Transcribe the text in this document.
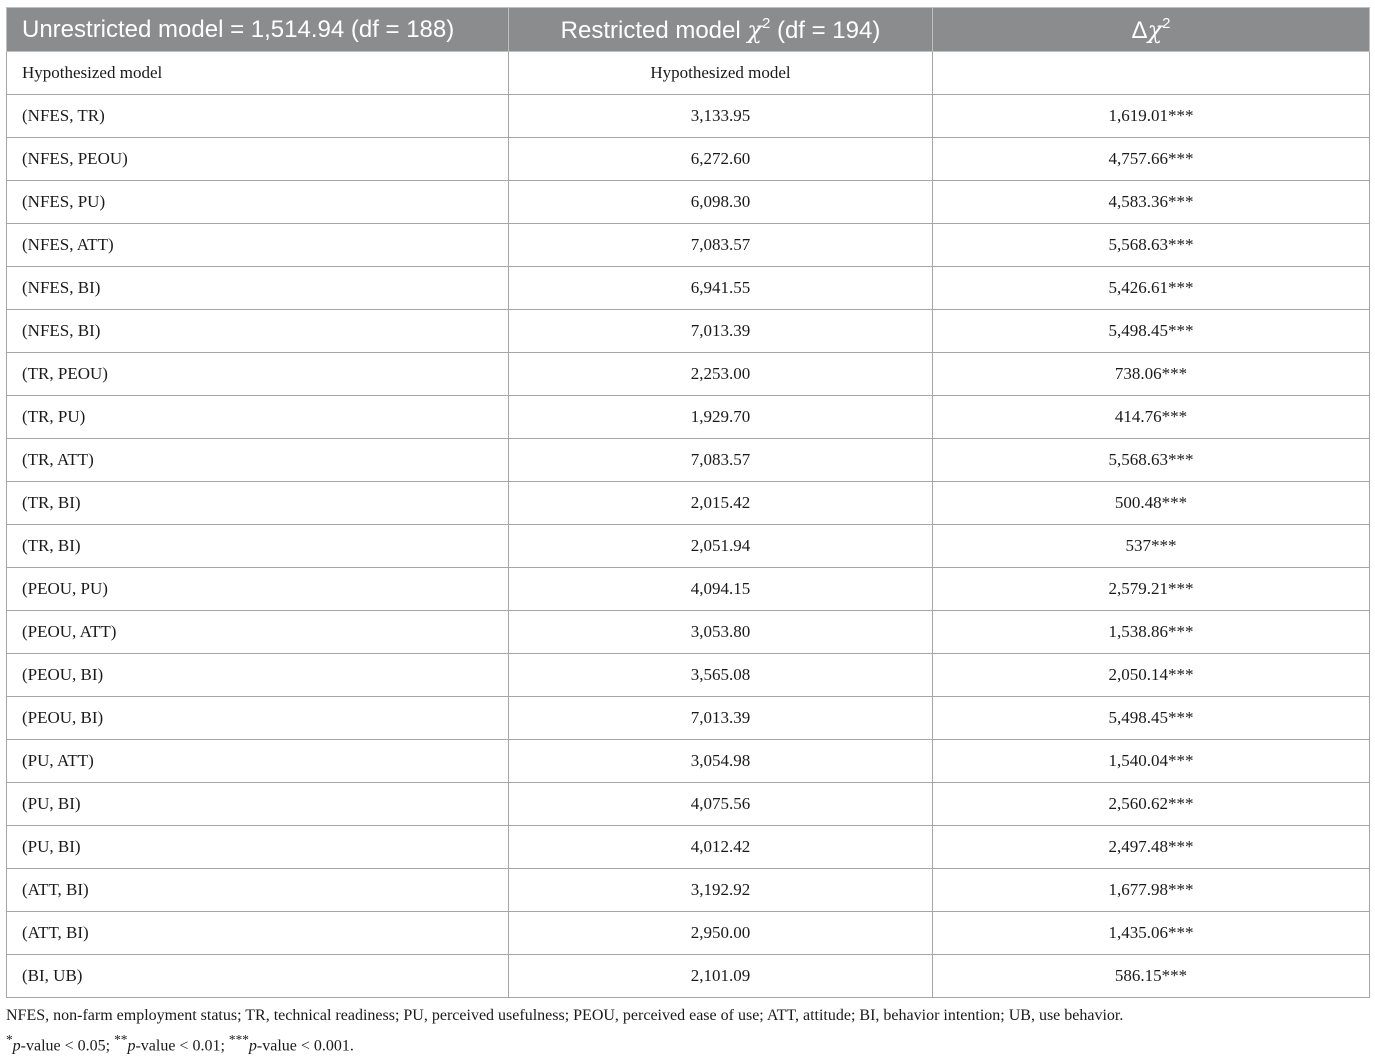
Unrestricted model = 1,514.94 (df = 188)	Restricted model $\chi^2$ (df = 194)	$\Delta\chi^2$
Hypothesized model	Hypothesized model	
(NFES, TR)	3,133.95	1,619.01***
(NFES, PEOU)	6,272.60	4,757.66***
(NFES, PU)	6,098.30	4,583.36***
(NFES, ATT)	7,083.57	5,568.63***
(NFES, BI)	6,941.55	5,426.61***
(NFES, BI)	7,013.39	5,498.45***
(TR, PEOU)	2,253.00	738.06***
(TR, PU)	1,929.70	414.76***
(TR, ATT)	7,083.57	5,568.63***
(TR, BI)	2,015.42	500.48***
(TR, BI)	2,051.94	537***
(PEOU, PU)	4,094.15	2,579.21***
(PEOU, ATT)	3,053.80	1,538.86***
(PEOU, BI)	3,565.08	2,050.14***
(PEOU, BI)	7,013.39	5,498.45***
(PU, ATT)	3,054.98	1,540.04***
(PU, BI)	4,075.56	2,560.62***
(PU, BI)	4,012.42	2,497.48***
(ATT, BI)	3,192.92	1,677.98***
(ATT, BI)	2,950.00	1,435.06***
(BI, UB)	2,101.09	586.15***
NFES, non-farm employment status; TR, technical readiness; PU, perceived usefulness; PEOU, perceived ease of use; ATT, attitude; BI, behavior intention; UB, use behavior.
*p-value < 0.05; **p-value < 0.01; ***p-value < 0.001.
